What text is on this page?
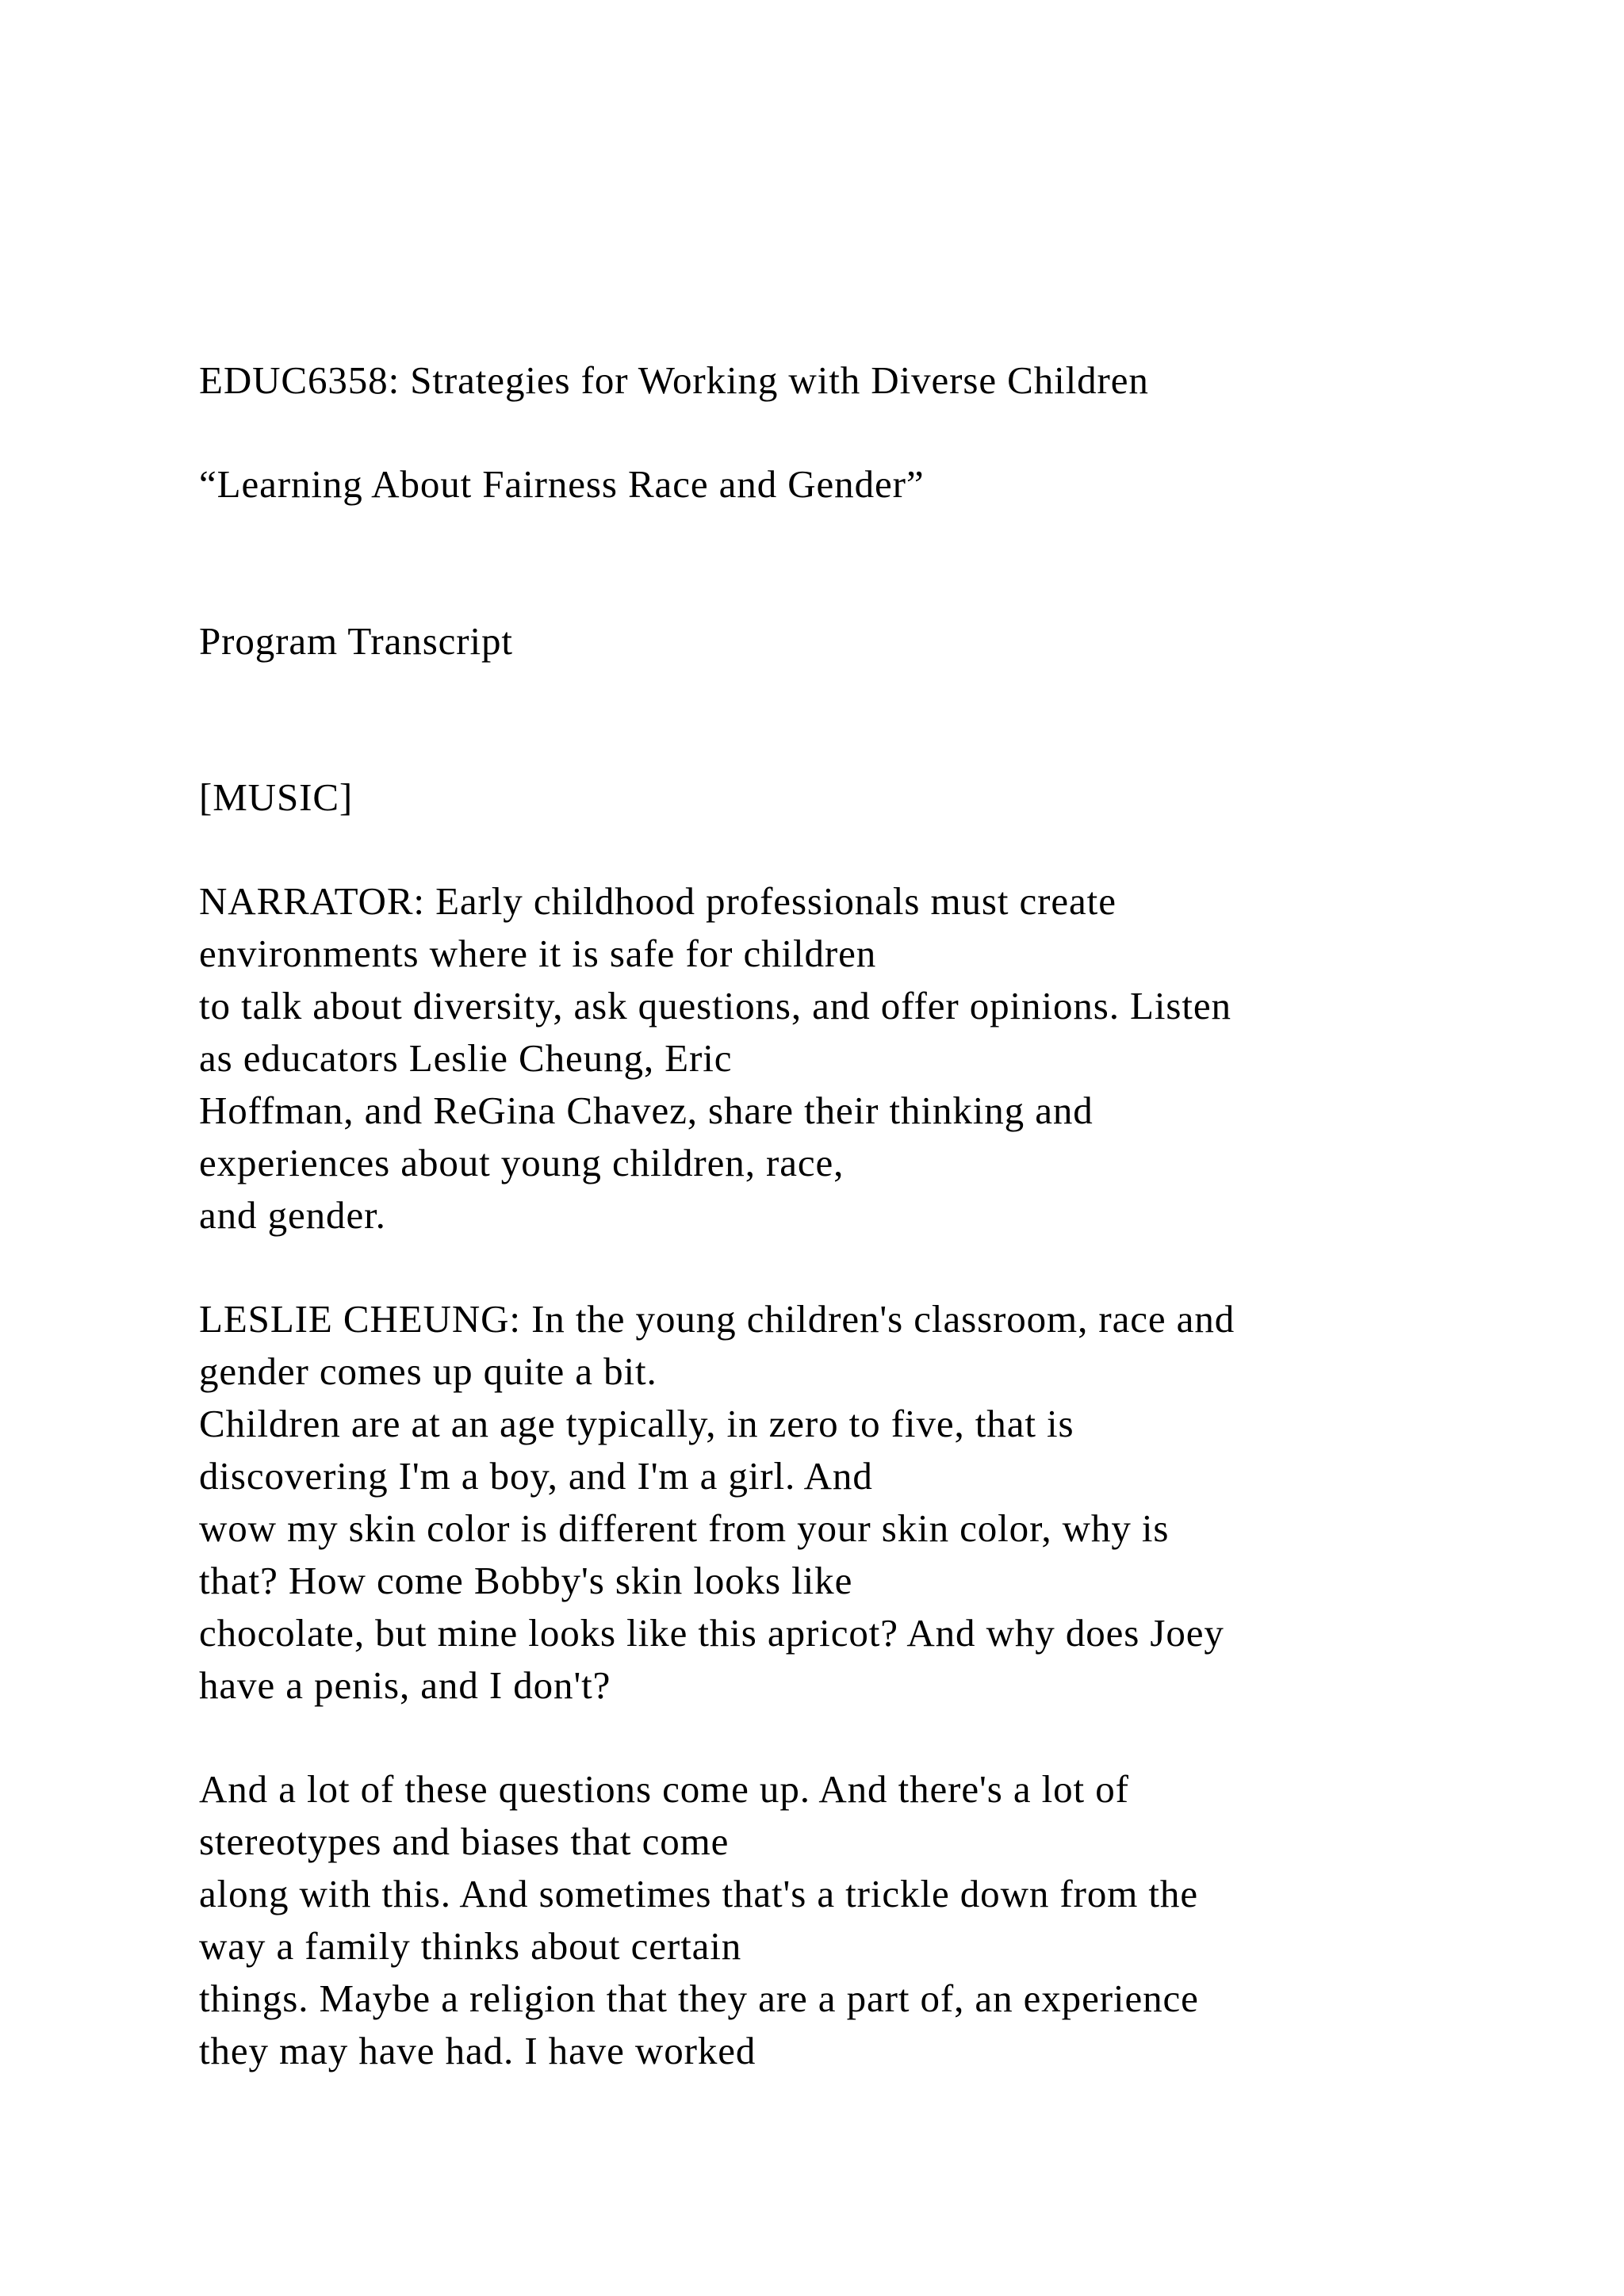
EDUC6358: Strategies for Working with Diverse Children

“Learning About Fairness Race and Gender”

Program Transcript

[MUSIC]

NARRATOR: Early childhood professionals must create

environments where it is safe for children

to talk about diversity, ask questions, and offer opinions. Listen

as educators Leslie Cheung, Eric

Hoffman, and ReGina Chavez, share their thinking and

experiences about young children, race,

and gender.

LESLIE CHEUNG: In the young children's classroom, race and

gender comes up quite a bit.

Children are at an age typically, in zero to five, that is

discovering I'm a boy, and I'm a girl. And

wow my skin color is different from your skin color, why is

that? How come Bobby's skin looks like

chocolate, but mine looks like this apricot? And why does Joey

have a penis, and I don't?

And a lot of these questions come up. And there's a lot of

stereotypes and biases that come

along with this. And sometimes that's a trickle down from the

way a family thinks about certain

things. Maybe a religion that they are a part of, an experience

they may have had. I have worked
